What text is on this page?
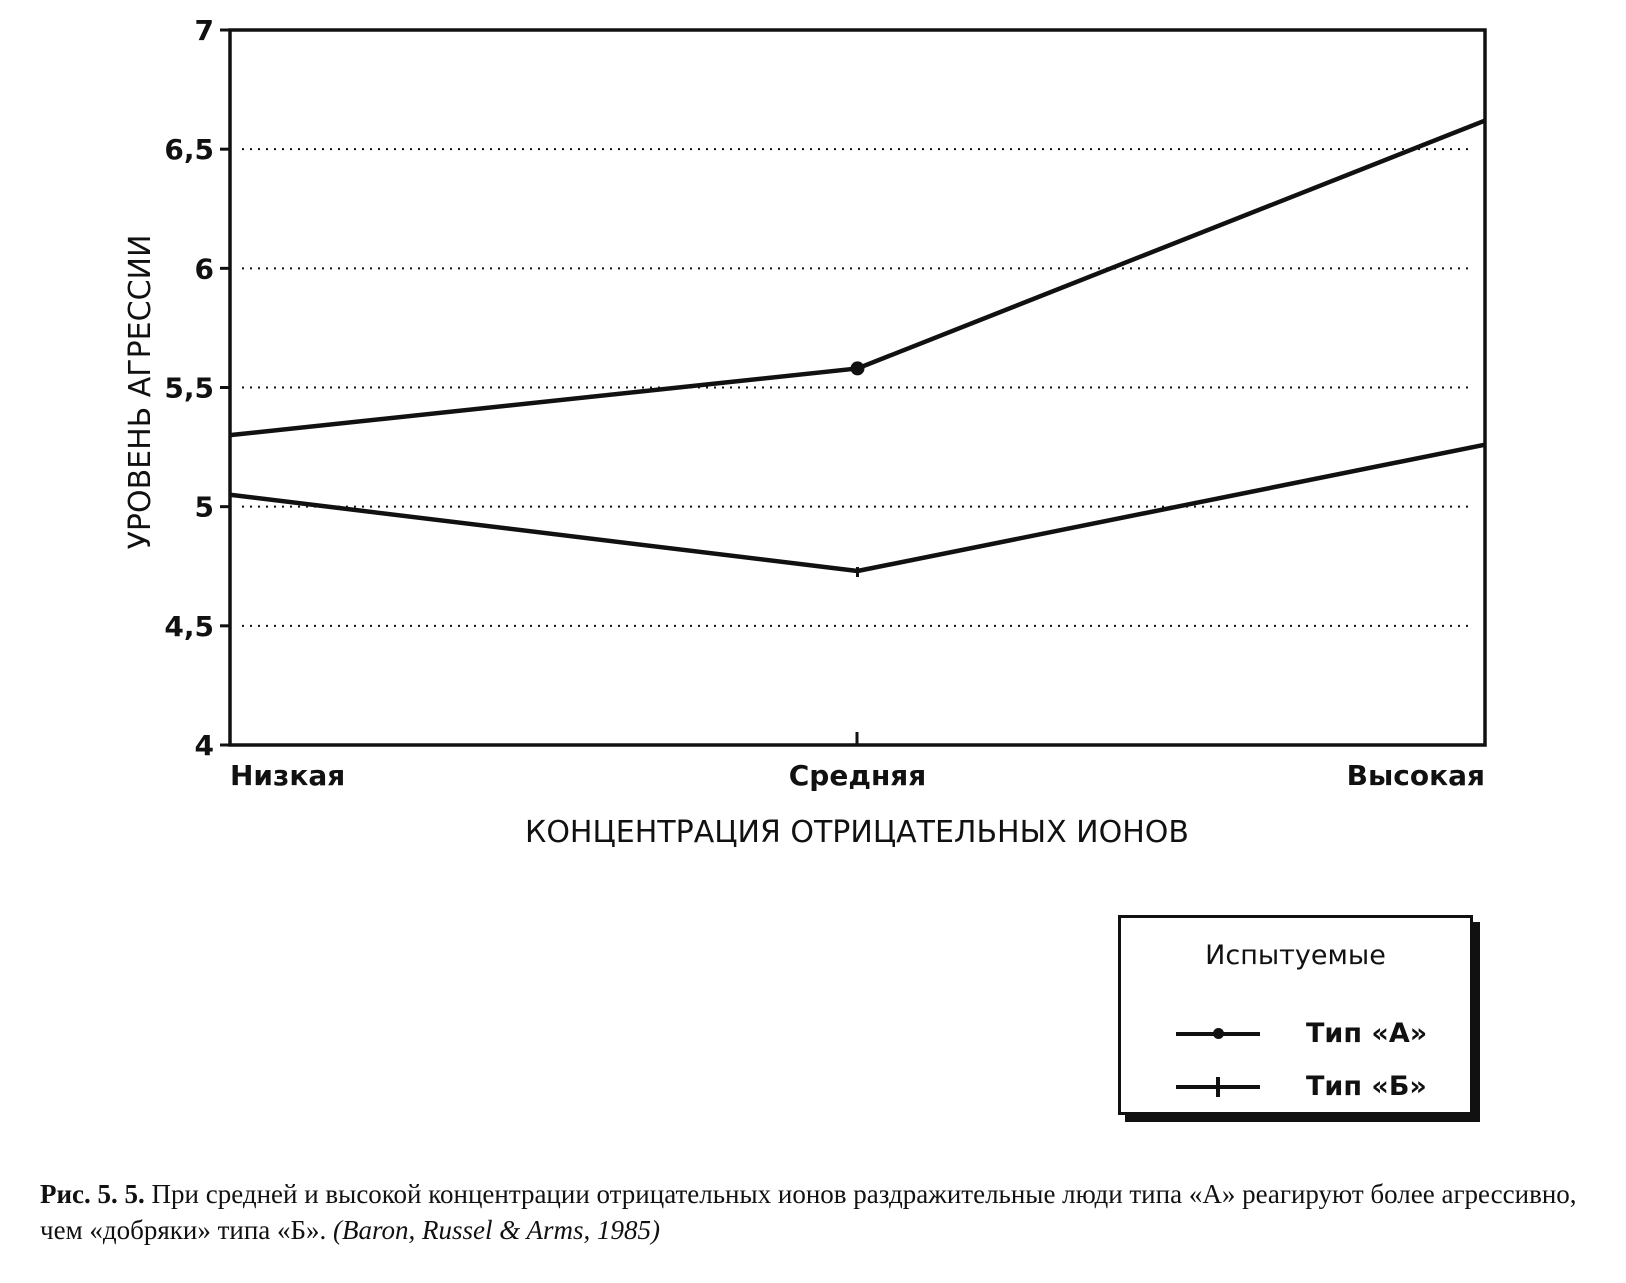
4
4,5
5
5,5
6
6,5
7
Низкая	Средняя	Высокая
КОНЦЕНТРАЦИЯ ОТРИЦАТЕЛЬНЫХ ИОНОВ
УРОВЕНЬ АГРЕССИИ
Испытуемые
Тип «А»
Тип «Б»
Рис. 5. 5. При средней и высокой концентрации отрицательных ионов раздражительные люди типа «А» реагируют более агрессивно, чем «добряки» типа «Б». (Baron, Russel & Arms, 1985)
